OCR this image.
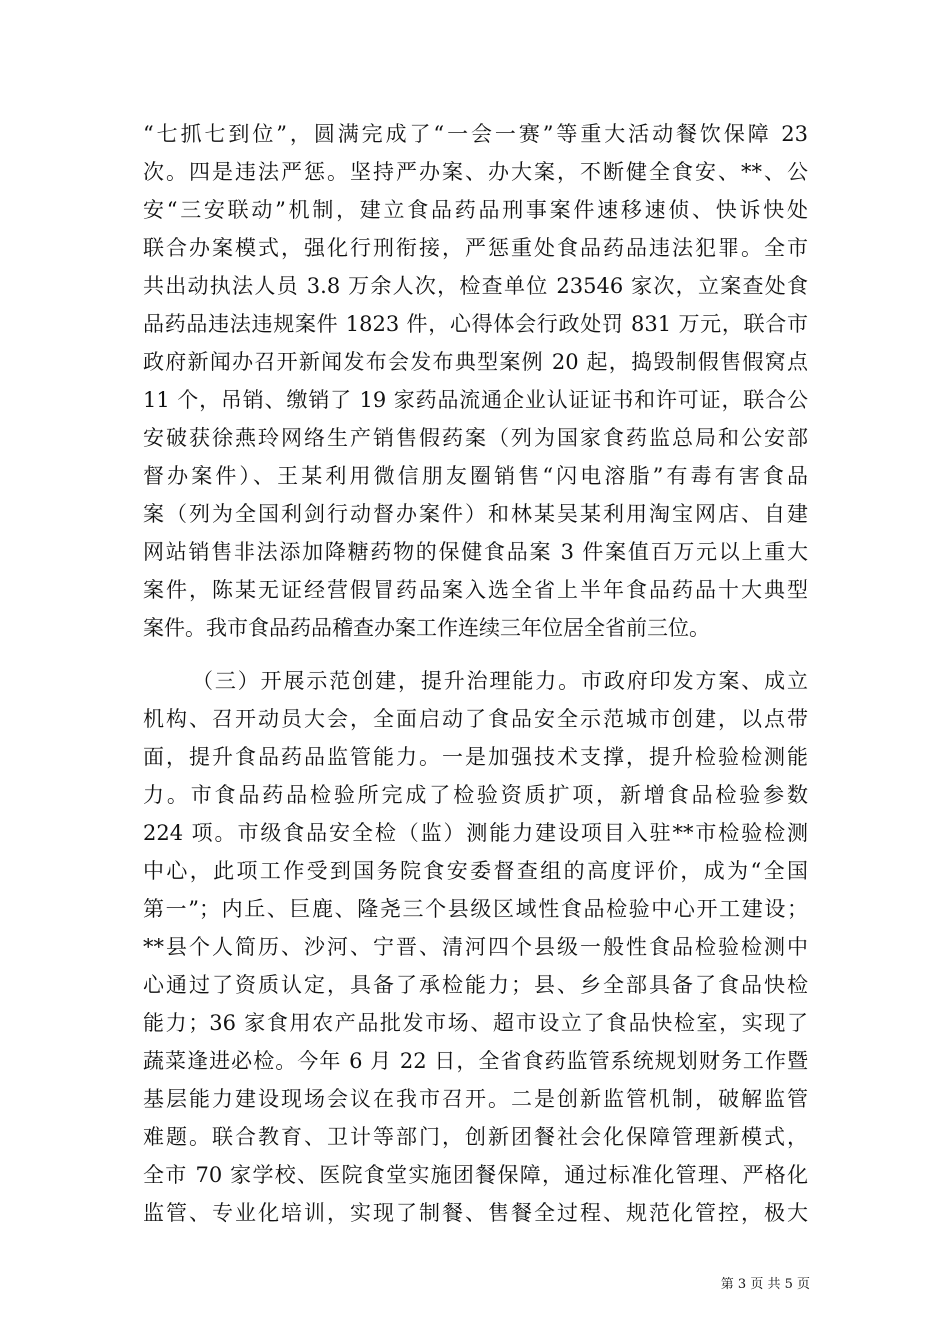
“七抓七到位”，圆满完成了“一会一赛”等重大活动餐饮保障 23
次。四是违法严惩。坚持严办案、办大案，不断健全食安、**、公
安“三安联动”机制，建立食品药品刑事案件速移速侦、快诉快处
联合办案模式，强化行刑衔接，严惩重处食品药品违法犯罪。全市
共出动执法人员 3.8 万余人次，检查单位 23546 家次，立案查处食
品药品违法违规案件 1823 件，心得体会行政处罚 831 万元，联合市
政府新闻办召开新闻发布会发布典型案例 20 起，捣毁制假售假窝点
11 个，吊销、缴销了 19 家药品流通企业认证证书和许可证，联合公
安破获徐燕玲网络生产销售假药案（列为国家食药监总局和公安部
督办案件）、王某利用微信朋友圈销售“闪电溶脂”有毒有害食品
案（列为全国利剑行动督办案件）和林某吴某利用淘宝网店、自建
网站销售非法添加降糖药物的保健食品案 3 件案值百万元以上重大
案件，陈某无证经营假冒药品案入选全省上半年食品药品十大典型
案件。我市食品药品稽查办案工作连续三年位居全省前三位。
（三）开展示范创建，提升治理能力。市政府印发方案、成立
机构、召开动员大会，全面启动了食品安全示范城市创建，以点带
面，提升食品药品监管能力。一是加强技术支撑，提升检验检测能
力。市食品药品检验所完成了检验资质扩项，新增食品检验参数
224 项。市级食品安全检（监）测能力建设项目入驻**市检验检测
中心，此项工作受到国务院食安委督查组的高度评价，成为“全国
第一”；内丘、巨鹿、隆尧三个县级区域性食品检验中心开工建设；
**县个人简历、沙河、宁晋、清河四个县级一般性食品检验检测中
心通过了资质认定，具备了承检能力；县、乡全部具备了食品快检
能力；36 家食用农产品批发市场、超市设立了食品快检室，实现了
蔬菜逢进必检。今年 6 月 22 日，全省食药监管系统规划财务工作暨
基层能力建设现场会议在我市召开。二是创新监管机制，破解监管
难题。联合教育、卫计等部门，创新团餐社会化保障管理新模式，
全市 70 家学校、医院食堂实施团餐保障，通过标准化管理、严格化
监管、专业化培训，实现了制餐、售餐全过程、规范化管控，极大
第 3 页 共 5 页
